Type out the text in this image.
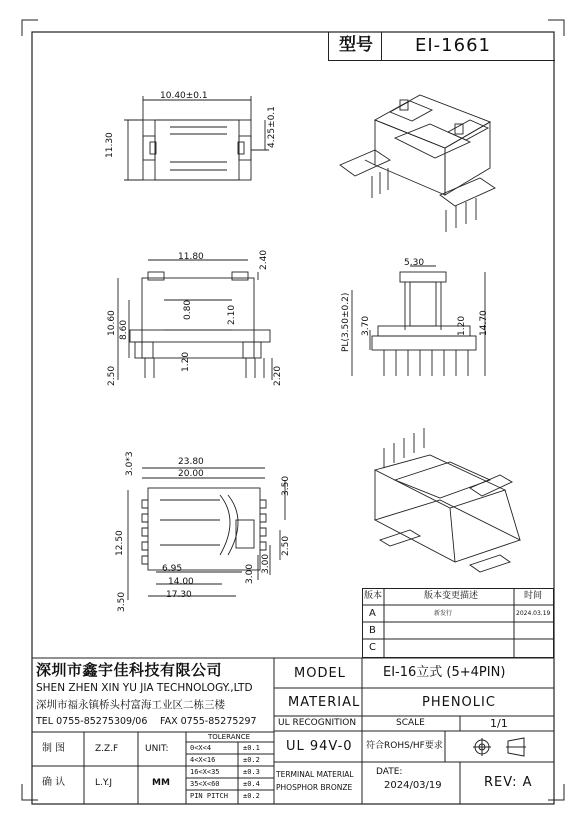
型号 EI-1661
10.40±0.1
11.30	4.25±0.1
11.80	2.40
10.60 8.60
0.80	2.10
1.20
2.50	2.20
5.30
PL(3.50±0.2) 3.70	1.20 14.70
23.80
20.00
3.0*3
3.50
12.50
6.95
2.50
3.00 3.00
14.00
17.30
3.50	版本	版本变更描述	时间
A	新发行	2024.03.19
B
C
深圳市鑫宇佳科技有限公司
SHEN ZHEN XIN YU JIA TECHNOLOGY.,LTD
深圳市福永镇桥头村富海工业区二栋三楼
TEL 0755-85275309/06 FAX 0755-85275297
制 图	Z.Z.F
确 认	L.Y.J
UNIT:
MM
TOLERANCE
0<X<4	±0.1
4<X<16	±0.2
16<X<35	±0.3
35<X<60	±0.4
PIN PITCH ±0.2
MODEL	EI-16立式 (5+4PIN)
MATERIAL	PHENOLIC
UL RECOGNITION	SCALE	1/1
UL 94V-0 符合ROHS/HF要求
TERMINAL MATERIAL
PHOSPHOR BRONZE
DATE:
2024/03/19	REV: A
